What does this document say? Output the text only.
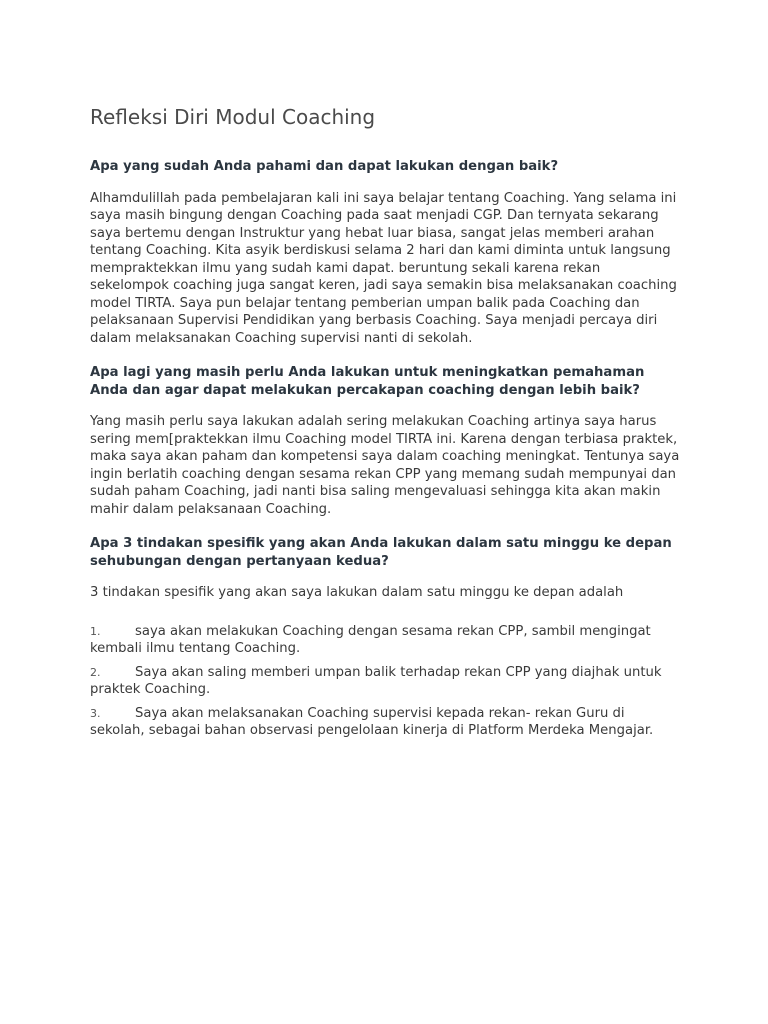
Refleksi Diri Modul Coaching

Apa yang sudah Anda pahami dan dapat lakukan dengan baik?

Alhamdulillah pada pembelajaran kali ini saya belajar tentang Coaching. Yang selama ini saya masih bingung dengan Coaching pada saat menjadi CGP. Dan ternyata sekarang saya bertemu dengan Instruktur yang hebat luar biasa, sangat jelas memberi arahan tentang Coaching. Kita asyik berdiskusi selama 2 hari dan kami diminta untuk langsung mempraktekkan ilmu yang sudah kami dapat. beruntung sekali karena rekan sekelompok coaching juga sangat keren, jadi saya semakin bisa melaksanakan coaching model TIRTA. Saya pun belajar tentang pemberian umpan balik pada Coaching dan pelaksanaan Supervisi Pendidikan yang berbasis Coaching. Saya menjadi percaya diri dalam melaksanakan Coaching supervisi nanti di sekolah.

Apa lagi yang masih perlu Anda lakukan untuk meningkatkan pemahaman Anda dan agar dapat melakukan percakapan coaching dengan lebih baik?

Yang masih perlu saya lakukan adalah sering melakukan Coaching artinya saya harus sering mem[praktekkan ilmu Coaching model TIRTA ini. Karena dengan terbiasa praktek, maka saya akan paham dan kompetensi saya dalam coaching meningkat. Tentunya saya ingin berlatih coaching dengan sesama rekan CPP yang memang sudah mempunyai dan sudah paham Coaching, jadi nanti bisa saling mengevaluasi sehingga kita akan makin mahir dalam pelaksanaan Coaching.

Apa 3 tindakan spesifik yang akan Anda lakukan dalam satu minggu ke depan sehubungan dengan pertanyaan kedua?

3 tindakan spesifik yang akan saya lakukan dalam satu minggu ke depan adalah

1.	saya akan melakukan Coaching dengan sesama rekan CPP, sambil mengingat kembali ilmu tentang Coaching.
2.	Saya akan saling memberi umpan balik terhadap rekan CPP yang diajhak untuk praktek Coaching.
3.	Saya akan melaksanakan Coaching supervisi kepada rekan- rekan Guru di sekolah, sebagai bahan observasi pengelolaan kinerja di Platform Merdeka Mengajar.
